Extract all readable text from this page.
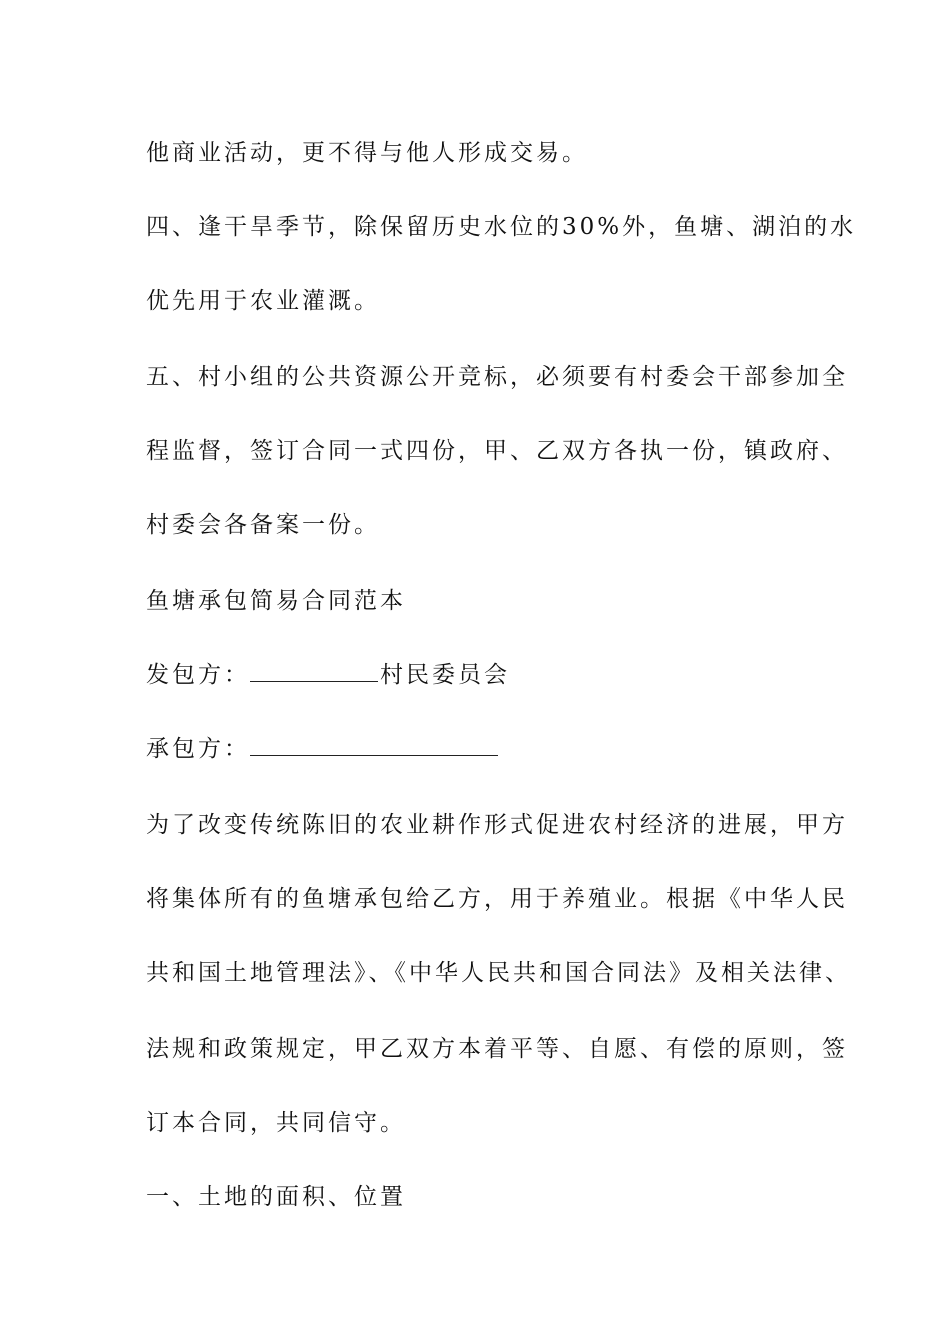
他商业活动，更不得与他人形成交易。
四、逢干旱季节，除保留历史水位的30%外，鱼塘、湖泊的水
优先用于农业灌溉。
五、村小组的公共资源公开竞标，必须要有村委会干部参加全
程监督，签订合同一式四份，甲、乙双方各执一份，镇政府、
村委会各备案一份。
鱼塘承包简易合同范本
发包方：	村民委员会
承包方：
为了改变传统陈旧的农业耕作形式促进农村经济的进展，甲方
将集体所有的鱼塘承包给乙方，用于养殖业。根据《中华人民
共和国土地管理法》、《中华人民共和国合同法》及相关法律、
法规和政策规定，甲乙双方本着平等、自愿、有偿的原则，签
订本合同，共同信守。
一、土地的面积、位置
